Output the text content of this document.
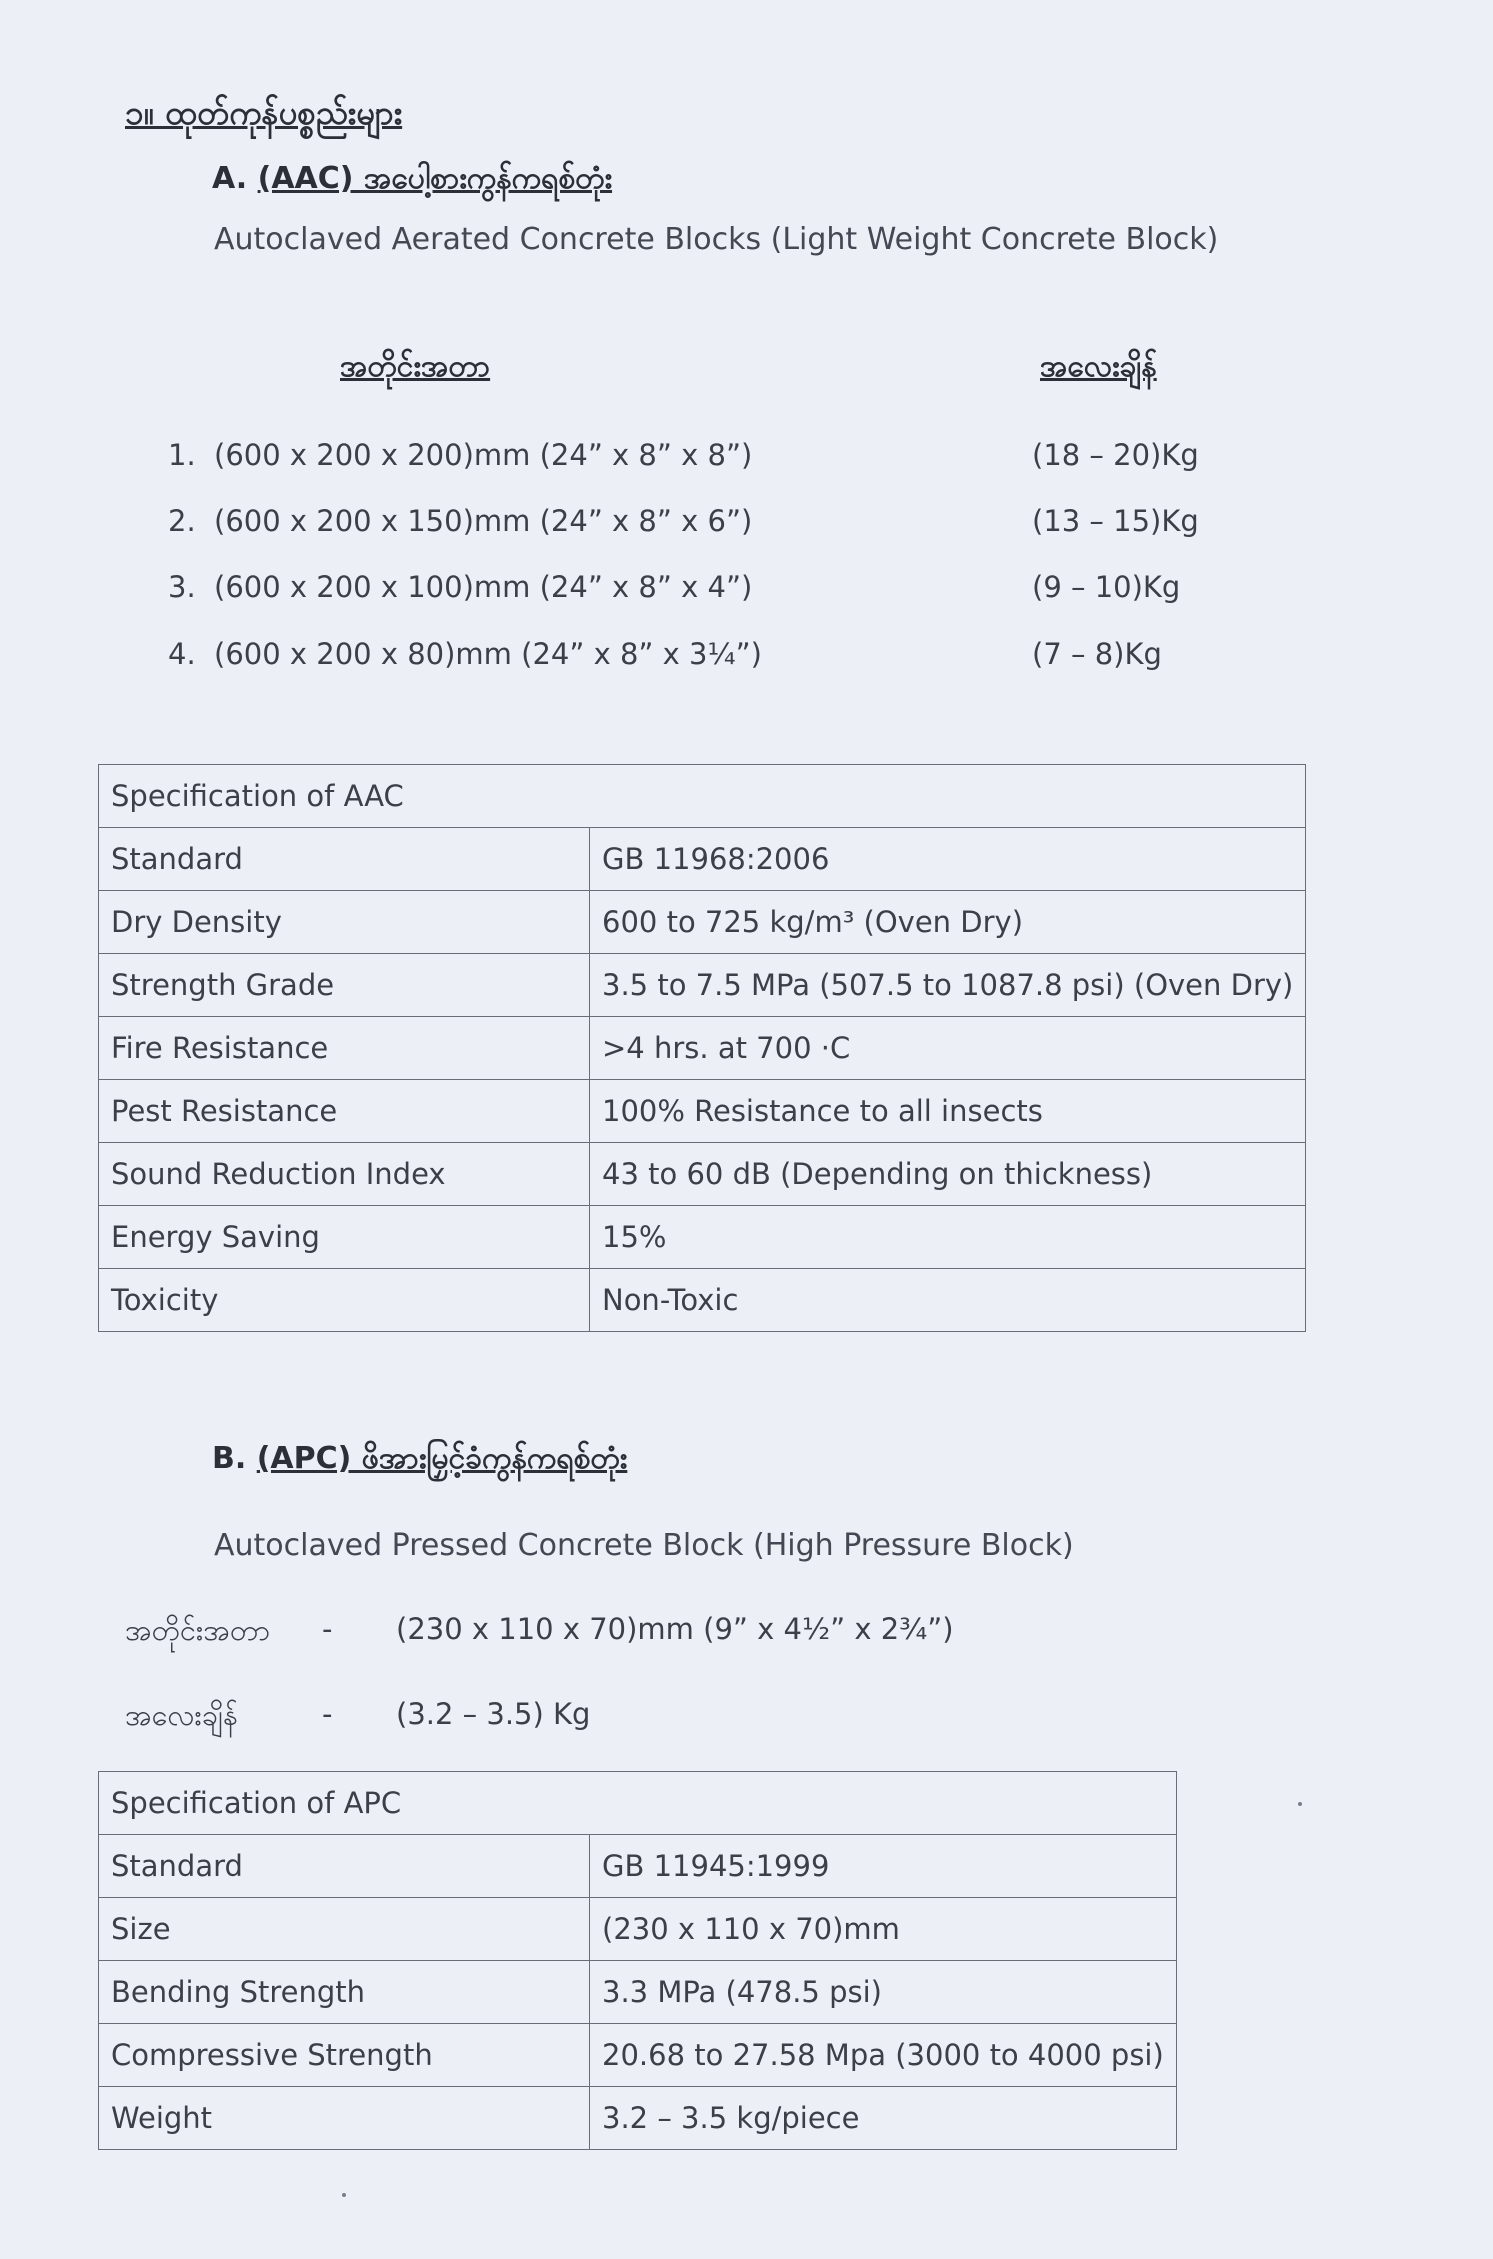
၁။ ထုတ်ကုန်ပစ္စည်းများ
A. (AAC) အပေါ့စားကွန်ကရစ်တုံး
Autoclaved Aerated Concrete Blocks (Light Weight Concrete Block)
အတိုင်းအတာ	အလေးချိန်
1. (600 x 200 x 200)mm (24” x 8” x 8”)	(18 – 20)Kg
2. (600 x 200 x 150)mm (24” x 8” x 6”)	(13 – 15)Kg
3. (600 x 200 x 100)mm (24” x 8” x 4”)	(9 – 10)Kg
4. (600 x 200 x 80)mm (24” x 8” x 3¼”)	(7 – 8)Kg
Specification of AAC	
Standard	GB 11968:2006
Dry Density	600 to 725 kg/m³ (Oven Dry)
Strength Grade	3.5 to 7.5 MPa (507.5 to 1087.8 psi) (Oven Dry)
Fire Resistance	>4 hrs. at 700 ·C
Pest Resistance	100% Resistance to all insects
Sound Reduction Index	43 to 60 dB (Depending on thickness)
Energy Saving	15%
Toxicity	Non-Toxic
B. (APC) ဖိအားမြှင့်ခံကွန်ကရစ်တုံး
Autoclaved Pressed Concrete Block (High Pressure Block)
အတိုင်းအတာ - (230 x 110 x 70)mm (9” x 4½” x 2¾”)
အလေးချိန်	- (3.2 – 3.5) Kg
Specification of APC	
Standard	GB 11945:1999
Size	(230 x 110 x 70)mm
Bending Strength	3.3 MPa (478.5 psi)
Compressive Strength	20.68 to 27.58 Mpa (3000 to 4000 psi)
Weight	3.2 – 3.5 kg/piece
